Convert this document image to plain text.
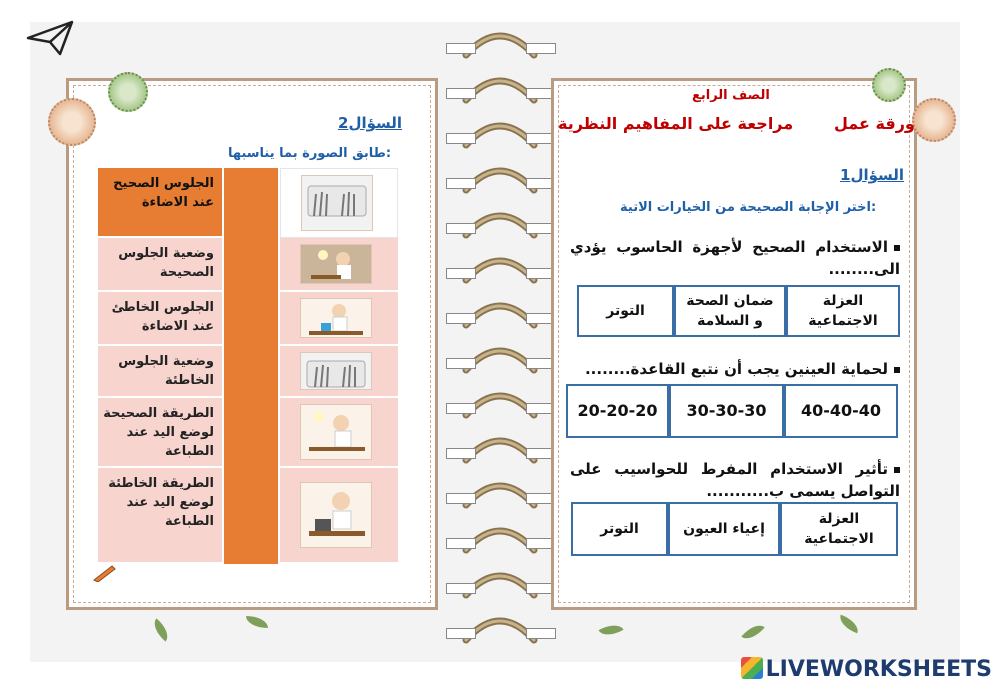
الصف الرابع
ورقة عمل
مراجعة على المفاهيم النظرية
السؤال1
اختر الإجابة الصحيحة من الخيارات الاتية:
الاستخدام الصحيح لأجهزة الحاسوب يؤدي الى........
العزلة الاجتماعية
ضمان الصحة و السلامة
التوتر
لحماية العينين يجب أن نتبع القاعدة........
40-40-40
30-30-30
20-20-20
تأثير الاستخدام المفرط للحواسيب على التواصل يسمى ب...........
العزلة الاجتماعية
إعياء العيون
التوتر
السؤال2
طابق الصورة بما يناسبها:
الجلوس الصحيح عند الاضاءة
وضعية الجلوس الصحيحة
الجلوس الخاطئ عند الاضاءة
وضعية الجلوس الخاطئة
الطريقة الصحيحة لوضع اليد عند الطباعة
الطريقة الخاطئة لوضع اليد عند الطباعة
LIVEWORKSHEETS
